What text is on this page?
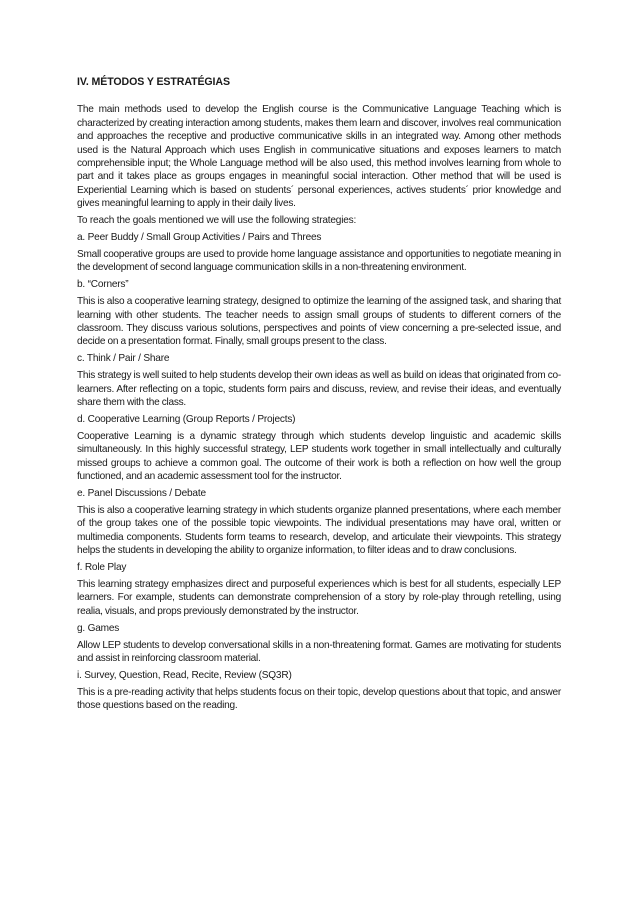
IV. MÉTODOS Y ESTRATÉGIAS

The main methods used to develop the English course is the Communicative Language Teaching which is characterized by creating interaction among students, makes them learn and discover, involves real communication and approaches the receptive and productive communicative skills in an integrated way. Among other methods used is the Natural Approach which uses English in communicative situations and exposes learners to match comprehensible input; the Whole Language method will be also used, this method involves learning from whole to part and it takes place as groups engages in meaningful social interaction. Other method that will be used is Experiential Learning which is based on students´ personal experiences, actives students´ prior knowledge and gives meaningful learning to apply in their daily lives.

To reach the goals mentioned we will use the following strategies:

a. Peer Buddy / Small Group Activities / Pairs and Threes

Small cooperative groups are used to provide home language assistance and opportunities to negotiate meaning in the development of second language communication skills in a non-threatening environment.

b. “Corners”

This is also a cooperative learning strategy, designed to optimize the learning of the assigned task, and sharing that learning with other students. The teacher needs to assign small groups of students to different corners of the classroom. They discuss various solutions, perspectives and points of view concerning a pre-selected issue, and decide on a presentation format. Finally, small groups present to the class.

c. Think / Pair / Share

This strategy is well suited to help students develop their own ideas as well as build on ideas that originated from co-learners. After reflecting on a topic, students form pairs and discuss, review, and revise their ideas, and eventually share them with the class.

d. Cooperative Learning (Group Reports / Projects)

Cooperative Learning is a dynamic strategy through which students develop linguistic and academic skills simultaneously. In this highly successful strategy, LEP students work together in small intellectually and culturally missed groups to achieve a common goal. The outcome of their work is both a reflection on how well the group functioned, and an academic assessment tool for the instructor.

e. Panel Discussions / Debate

This is also a cooperative learning strategy in which students organize planned presentations, where each member of the group takes one of the possible topic viewpoints. The individual presentations may have oral, written or multimedia components. Students form teams to research, develop, and articulate their viewpoints. This strategy helps the students in developing the ability to organize information, to filter ideas and to draw conclusions.

f. Role Play

This learning strategy emphasizes direct and purposeful experiences which is best for all students, especially LEP learners. For example, students can demonstrate comprehension of a story by role-play through retelling, using realia, visuals, and props previously demonstrated by the instructor.

g. Games

Allow LEP students to develop conversational skills in a non-threatening format. Games are motivating for students and assist in reinforcing classroom material.

i. Survey, Question, Read, Recite, Review (SQ3R)

This is a pre-reading activity that helps students focus on their topic, develop questions about that topic, and answer those questions based on the reading.
